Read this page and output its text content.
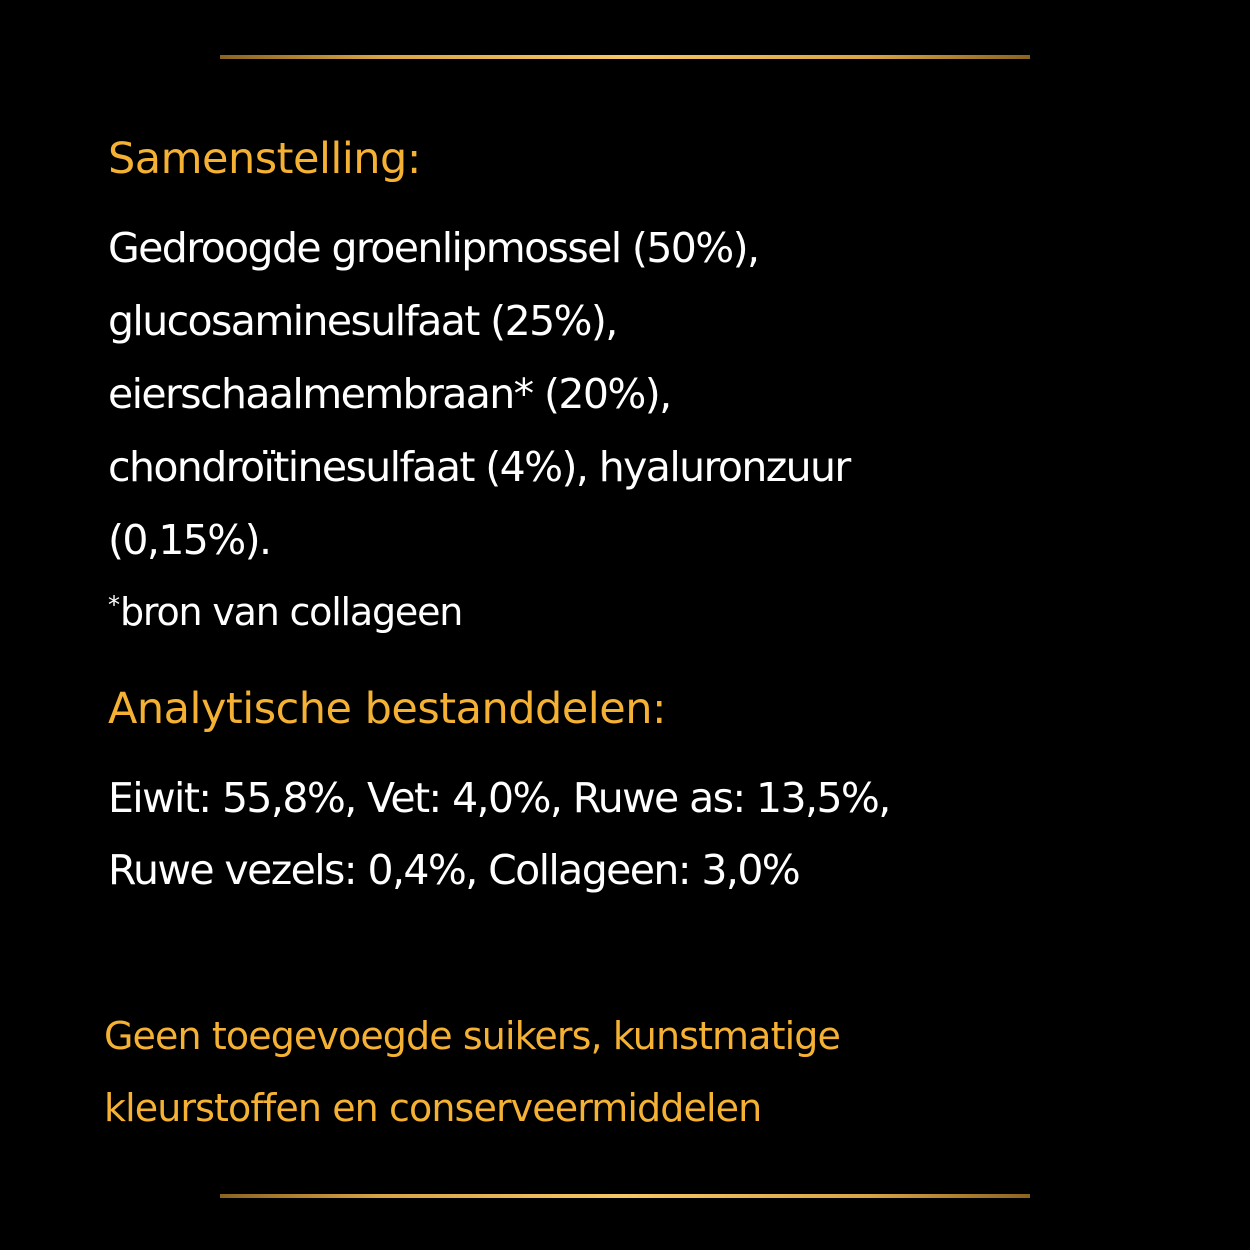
Samenstelling:
Gedroogde groenlipmossel (50%),
glucosaminesulfaat (25%),
eierschaalmembraan* (20%),
chondroïtinesulfaat (4%), hyaluronzuur
(0,15%).
*bron van collageen
Analytische bestanddelen:
Eiwit: 55,8%, Vet: 4,0%, Ruwe as: 13,5%,
Ruwe vezels: 0,4%, Collageen: 3,0%
Geen toegevoegde suikers, kunstmatige
kleurstoffen en conserveermiddelen
